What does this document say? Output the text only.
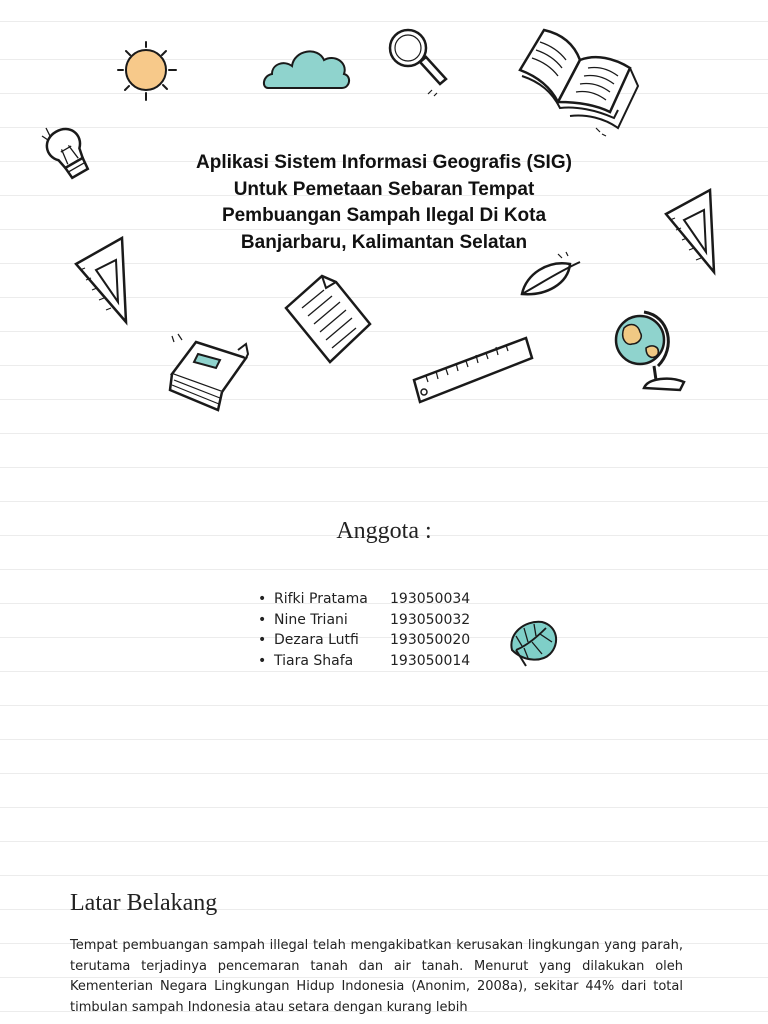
Aplikasi Sistem Informasi Geografis (SIG)
Untuk Pemetaan Sebaran Tempat
Pembuangan Sampah Ilegal Di Kota
Banjarbaru, Kalimantan Selatan
Anggota :
• Rifki Pratama	193050034
• Nine Triani	193050032
• Dezara Lutfi	193050020
• Tiara Shafa	193050014
Latar Belakang

Tempat pembuangan sampah illegal telah mengakibatkan kerusakan lingkungan yang parah, terutama terjadinya pencemaran tanah dan air tanah. Menurut yang dilakukan oleh Kementerian Negara Lingkungan Hidup Indonesia (Anonim, 2008a), sekitar 44% dari total timbulan sampah Indonesia atau setara dengan kurang lebih
